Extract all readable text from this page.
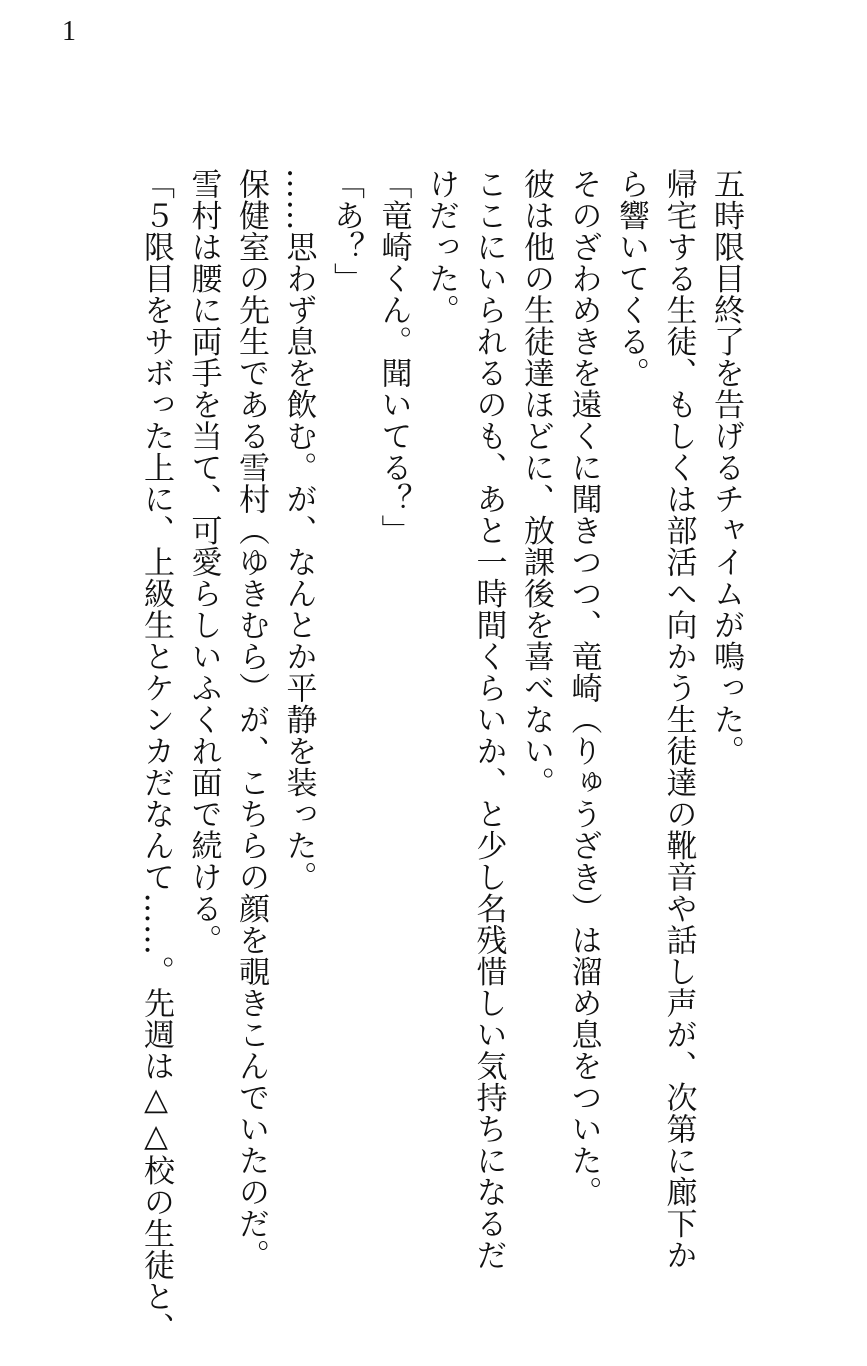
1
五時限目終了を告げるチャイムが鳴った。
帰宅する生徒、もしくは部活へ向かう生徒達の靴音や話し声が、次第に廊下か
ら響いてくる。
そのざわめきを遠くに聞きつつ、竜崎（りゅうざき）は溜め息をついた。
彼は他の生徒達ほどに、放課後を喜べない。
ここにいられるのも、あと一時間くらいか、と少し名残惜しい気持ちになるだ
けだった。
「竜崎くん。聞いてる？」
「あ？」
……思わず息を飲む。が、なんとか平静を装った。
保健室の先生である雪村（ゆきむら）が、こちらの顔を覗きこんでいたのだ。
雪村は腰に両手を当て、可愛らしいふくれ面で続ける。
「５限目をサボった上に、上級生とケンカだなんて……。先週は△△校の生徒と、
